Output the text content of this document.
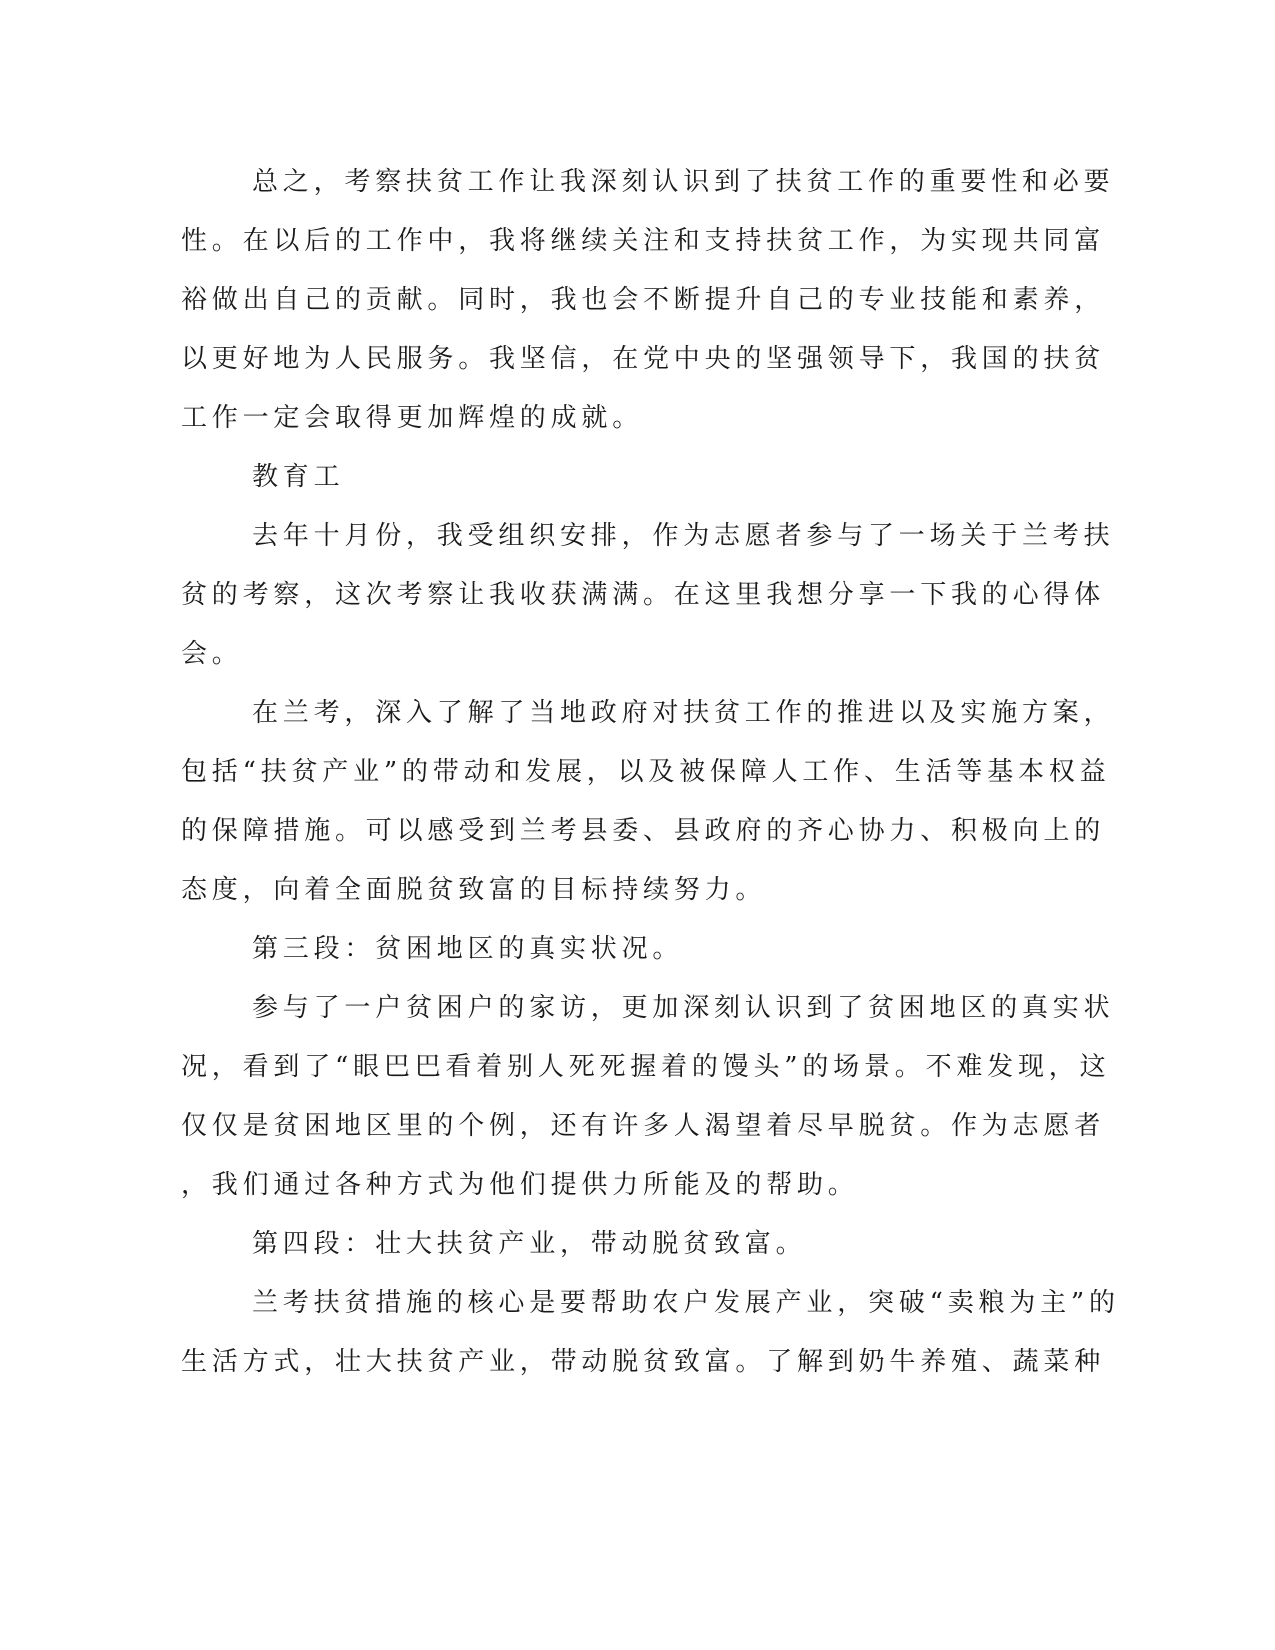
总之，考察扶贫工作让我深刻认识到了扶贫工作的重要性和必要

性。在以后的工作中，我将继续关注和支持扶贫工作，为实现共同富

裕做出自己的贡献。同时，我也会不断提升自己的专业技能和素养，

以更好地为人民服务。我坚信，在党中央的坚强领导下，我国的扶贫

工作一定会取得更加辉煌的成就。

教育工

去年十月份，我受组织安排，作为志愿者参与了一场关于兰考扶

贫的考察，这次考察让我收获满满。在这里我想分享一下我的心得体

会。

在兰考，深入了解了当地政府对扶贫工作的推进以及实施方案，

包括“扶贫产业”的带动和发展，以及被保障人工作、生活等基本权益

的保障措施。可以感受到兰考县委、县政府的齐心协力、积极向上的

态度，向着全面脱贫致富的目标持续努力。

第三段：贫困地区的真实状况。

参与了一户贫困户的家访，更加深刻认识到了贫困地区的真实状

况，看到了“眼巴巴看着别人死死握着的馒头”的场景。不难发现，这

仅仅是贫困地区里的个例，还有许多人渴望着尽早脱贫。作为志愿者

，我们通过各种方式为他们提供力所能及的帮助。

第四段：壮大扶贫产业，带动脱贫致富。

兰考扶贫措施的核心是要帮助农户发展产业，突破“卖粮为主”的

生活方式，壮大扶贫产业，带动脱贫致富。了解到奶牛养殖、蔬菜种
